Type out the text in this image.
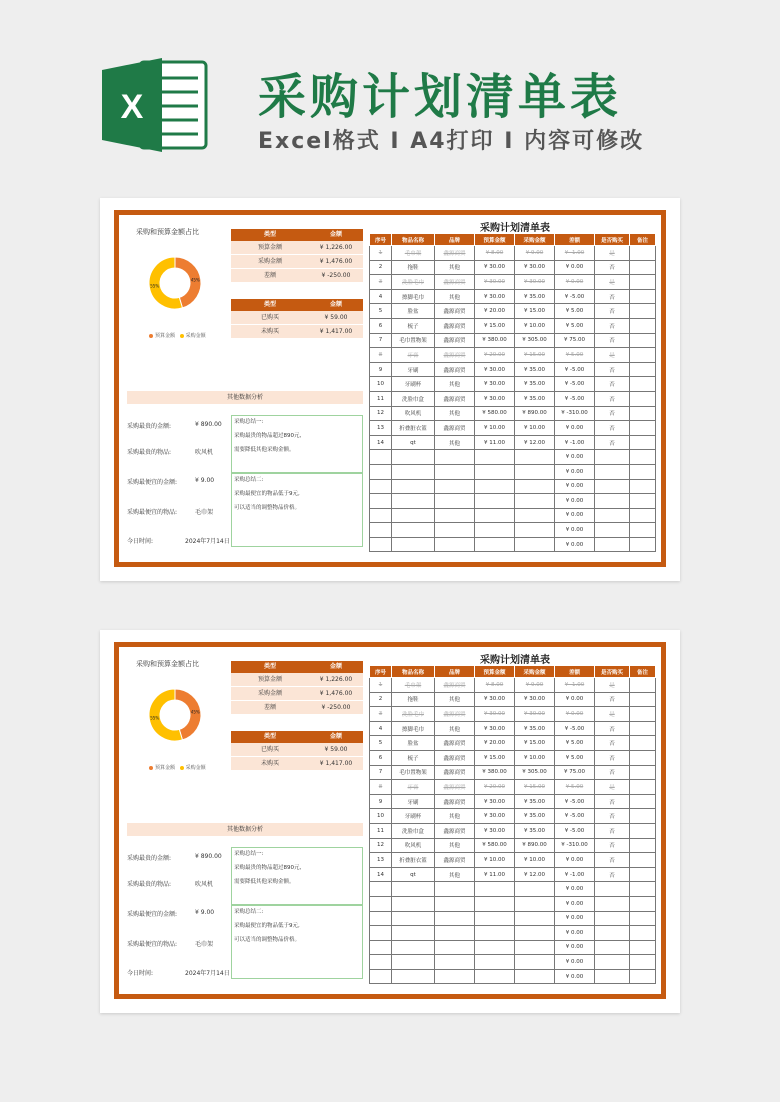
X 采购计划清单表
Excel格式 I A4打印 I 内容可修改
采购和预算金额占比
45%
55%
预算金额 采购金额
类型	金额
预算金额	¥ 1,226.00
采购金额	¥ 1,476.00
差额	¥ -250.00
类型	金额
已购买	¥ 59.00
未购买	¥ 1,417.00
其他数据分析
采购最贵的金额:	¥ 890.00
采购最贵的物品:	吹风机
采购最便宜的金额:	¥ 9.00
采购最便宜的物品:	毛巾架
今日时间:	2024年7月14日
采购总结一:
采购最贵的物品超过890元,
需要降低其他采购金额。
采购总结二:
采购最便宜的物品低于9元,
可以适当的调整物品价格。
采购计划清单表
序号	物品名称	品牌	预算金额	采购金额	差额	是否购买	备注
1	毛巾架	鑫源商贸	¥ 8.00	¥ 9.00	¥ -1.00	是	
2	拖鞋	其他	¥ 30.00	¥ 30.00	¥ 0.00	否	
3	洗脸毛巾	鑫源商贸	¥ 30.00	¥ 30.00	¥ 0.00	是	
4	擦脚毛巾	其他	¥ 30.00	¥ 35.00	¥ -5.00	否	
5	脸盆	鑫源商贸	¥ 20.00	¥ 15.00	¥ 5.00	否	
6	梳子	鑫源商贸	¥ 15.00	¥ 10.00	¥ 5.00	否	
7	毛巾置物架	鑫源商贸	¥ 380.00	¥ 305.00	¥ 75.00	否	
8	牙膏	鑫源商贸	¥ 20.00	¥ 15.00	¥ 5.00	是	
9	牙刷	鑫源商贸	¥ 30.00	¥ 35.00	¥ -5.00	否	
10	牙刷杯	其他	¥ 30.00	¥ 35.00	¥ -5.00	否	
11	洗脸巾盒	鑫源商贸	¥ 30.00	¥ 35.00	¥ -5.00	否	
12	吹风机	其他	¥ 580.00	¥ 890.00	¥ -310.00	否	
13	折叠脏衣篮	鑫源商贸	¥ 10.00	¥ 10.00	¥ 0.00	否	
14	qt	其他	¥ 11.00	¥ 12.00	¥ -1.00	否	
					¥ 0.00		
					¥ 0.00		
					¥ 0.00		
					¥ 0.00		
					¥ 0.00		
					¥ 0.00		
					¥ 0.00		
采购和预算金额占比
45%
55%
预算金额 采购金额
类型	金额
预算金额	¥ 1,226.00
采购金额	¥ 1,476.00
差额	¥ -250.00
类型	金额
已购买	¥ 59.00
未购买	¥ 1,417.00
其他数据分析
采购最贵的金额:	¥ 890.00
采购最贵的物品:	吹风机
采购最便宜的金额:	¥ 9.00
采购最便宜的物品:	毛巾架
今日时间:	2024年7月14日
采购总结一:
采购最贵的物品超过890元,
需要降低其他采购金额。
采购总结二:
采购最便宜的物品低于9元,
可以适当的调整物品价格。
采购计划清单表
序号	物品名称	品牌	预算金额	采购金额	差额	是否购买	备注
1	毛巾架	鑫源商贸	¥ 8.00	¥ 9.00	¥ -1.00	是	
2	拖鞋	其他	¥ 30.00	¥ 30.00	¥ 0.00	否	
3	洗脸毛巾	鑫源商贸	¥ 30.00	¥ 30.00	¥ 0.00	是	
4	擦脚毛巾	其他	¥ 30.00	¥ 35.00	¥ -5.00	否	
5	脸盆	鑫源商贸	¥ 20.00	¥ 15.00	¥ 5.00	否	
6	梳子	鑫源商贸	¥ 15.00	¥ 10.00	¥ 5.00	否	
7	毛巾置物架	鑫源商贸	¥ 380.00	¥ 305.00	¥ 75.00	否	
8	牙膏	鑫源商贸	¥ 20.00	¥ 15.00	¥ 5.00	是	
9	牙刷	鑫源商贸	¥ 30.00	¥ 35.00	¥ -5.00	否	
10	牙刷杯	其他	¥ 30.00	¥ 35.00	¥ -5.00	否	
11	洗脸巾盒	鑫源商贸	¥ 30.00	¥ 35.00	¥ -5.00	否	
12	吹风机	其他	¥ 580.00	¥ 890.00	¥ -310.00	否	
13	折叠脏衣篮	鑫源商贸	¥ 10.00	¥ 10.00	¥ 0.00	否	
14	qt	其他	¥ 11.00	¥ 12.00	¥ -1.00	否	
					¥ 0.00		
					¥ 0.00		
					¥ 0.00		
					¥ 0.00		
					¥ 0.00		
					¥ 0.00		
					¥ 0.00		
